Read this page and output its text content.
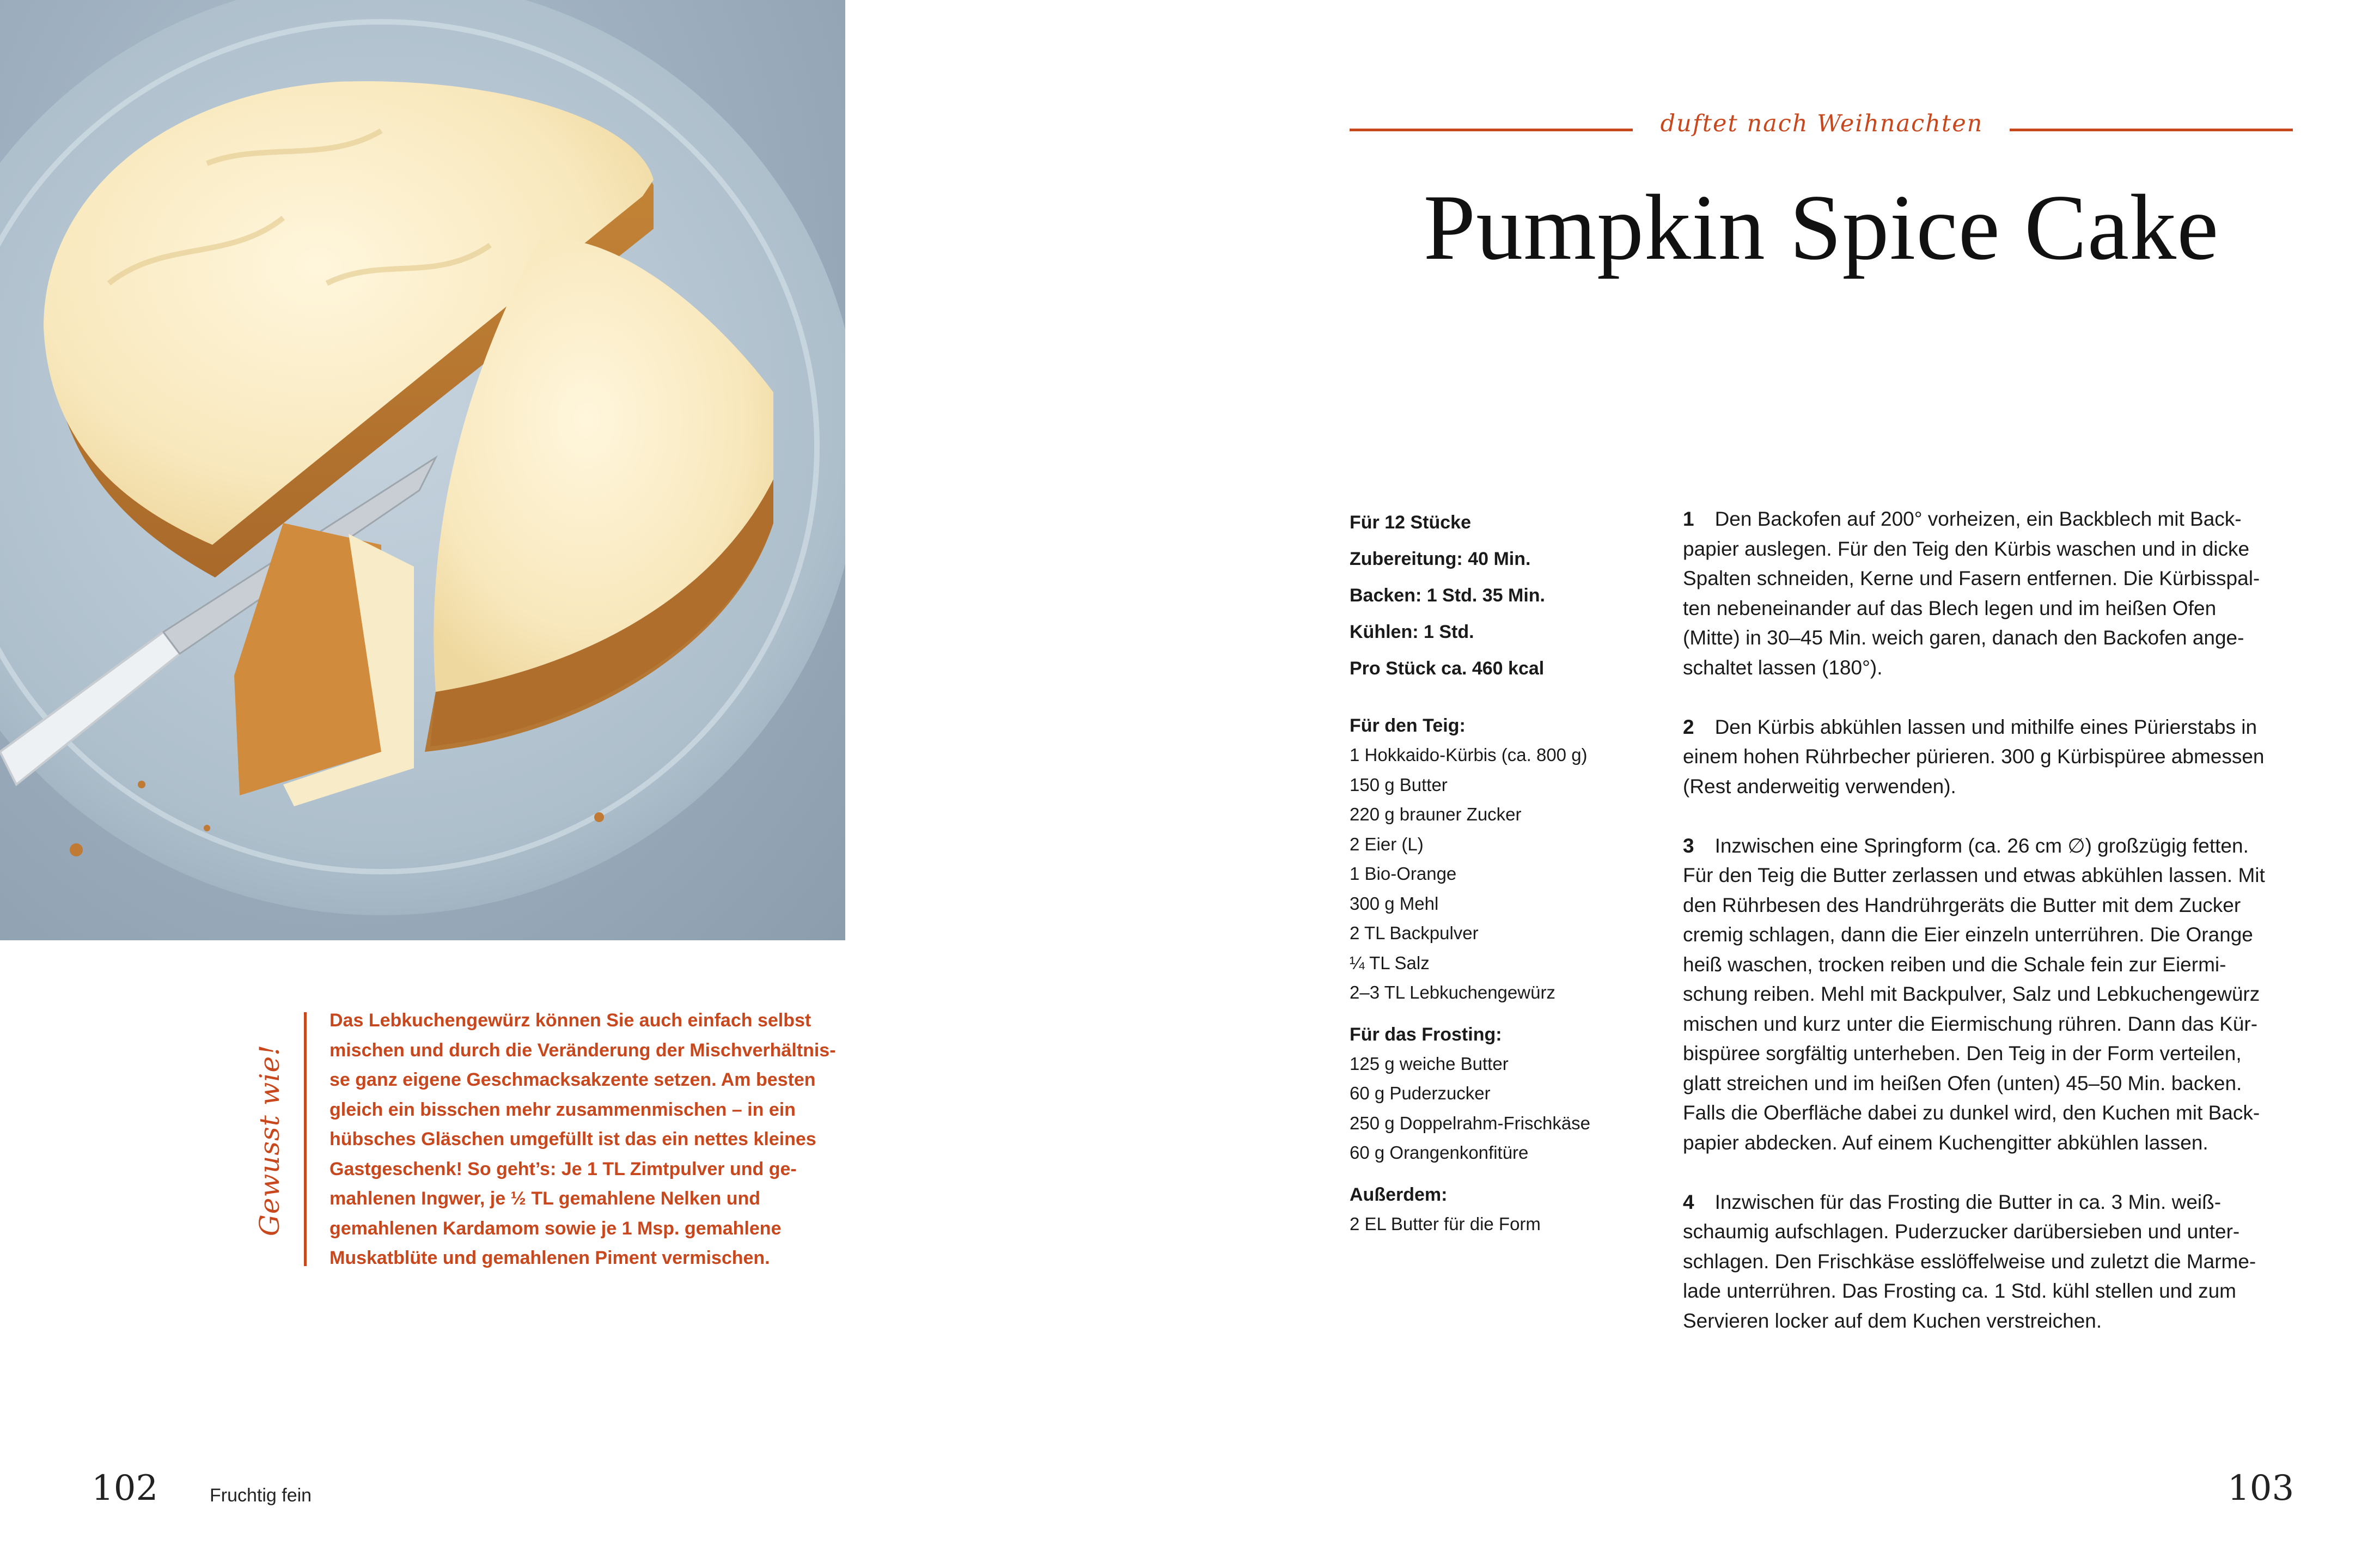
Gewusst wie!
Das Lebkuchengewürz können Sie auch einfach selbst
mischen und durch die Veränderung der Mischverhältnis-
se ganz eigene Geschmacksakzente setzen. Am besten
gleich ein bisschen mehr zusammenmischen – in ein
hübsches Gläschen umgefüllt ist das ein nettes kleines
Gastgeschenk! So geht’s: Je 1 TL Zimtpulver und ge-
mahlenen Ingwer, je ½ TL gemahlene Nelken und
gemahlenen Kardamom sowie je 1 Msp. gemahlene
Muskatblüte und gemahlenen Piment vermischen.
102	Fruchtig fein
duftet nach Weihnachten
Pumpkin Spice Cake
Für 12 Stücke
Zubereitung: 40 Min.
Backen: 1 Std. 35 Min.
Kühlen: 1 Std.
Pro Stück ca. 460 kcal
Für den Teig:
1 Hokkaido-Kürbis (ca. 800 g)
150 g Butter
220 g brauner Zucker
2 Eier (L)
1 Bio-Orange
300 g Mehl
2 TL Backpulver
¼ TL Salz
2–3 TL Lebkuchengewürz
Für das Frosting:
125 g weiche Butter
60 g Puderzucker
250 g Doppelrahm-Frischkäse
60 g Orangenkonfitüre
Außerdem:
2 EL Butter für die Form
1 Den Backofen auf 200° vorheizen, ein Backblech mit Back-
papier auslegen. Für den Teig den Kürbis waschen und in dicke
Spalten schneiden, Kerne und Fasern entfernen. Die Kürbisspal-
ten nebeneinander auf das Blech legen und im heißen Ofen
(Mitte) in 30–45 Min. weich garen, danach den Backofen ange-
schaltet lassen (180°).
2 Den Kürbis abkühlen lassen und mithilfe eines Pürierstabs in
einem hohen Rührbecher pürieren. 300 g Kürbispüree abmessen
(Rest anderweitig verwenden).
3 Inzwischen eine Springform (ca. 26 cm ∅) großzügig fetten.
Für den Teig die Butter zerlassen und etwas abkühlen lassen. Mit
den Rührbesen des Handrührgeräts die Butter mit dem Zucker
cremig schlagen, dann die Eier einzeln unterrühren. Die Orange
heiß waschen, trocken reiben und die Schale fein zur Eiermi-
schung reiben. Mehl mit Backpulver, Salz und Lebkuchengewürz
mischen und kurz unter die Eiermischung rühren. Dann das Kür-
bispüree sorgfältig unterheben. Den Teig in der Form verteilen,
glatt streichen und im heißen Ofen (unten) 45–50 Min. backen.
Falls die Oberfläche dabei zu dunkel wird, den Kuchen mit Back-
papier abdecken. Auf einem Kuchengitter abkühlen lassen.
4 Inzwischen für das Frosting die Butter in ca. 3 Min. weiß-
schaumig aufschlagen. Puderzucker darübersieben und unter-
schlagen. Den Frischkäse esslöffelweise und zuletzt die Marme-
lade unterrühren. Das Frosting ca. 1 Std. kühl stellen und zum
Servieren locker auf dem Kuchen verstreichen.
103
